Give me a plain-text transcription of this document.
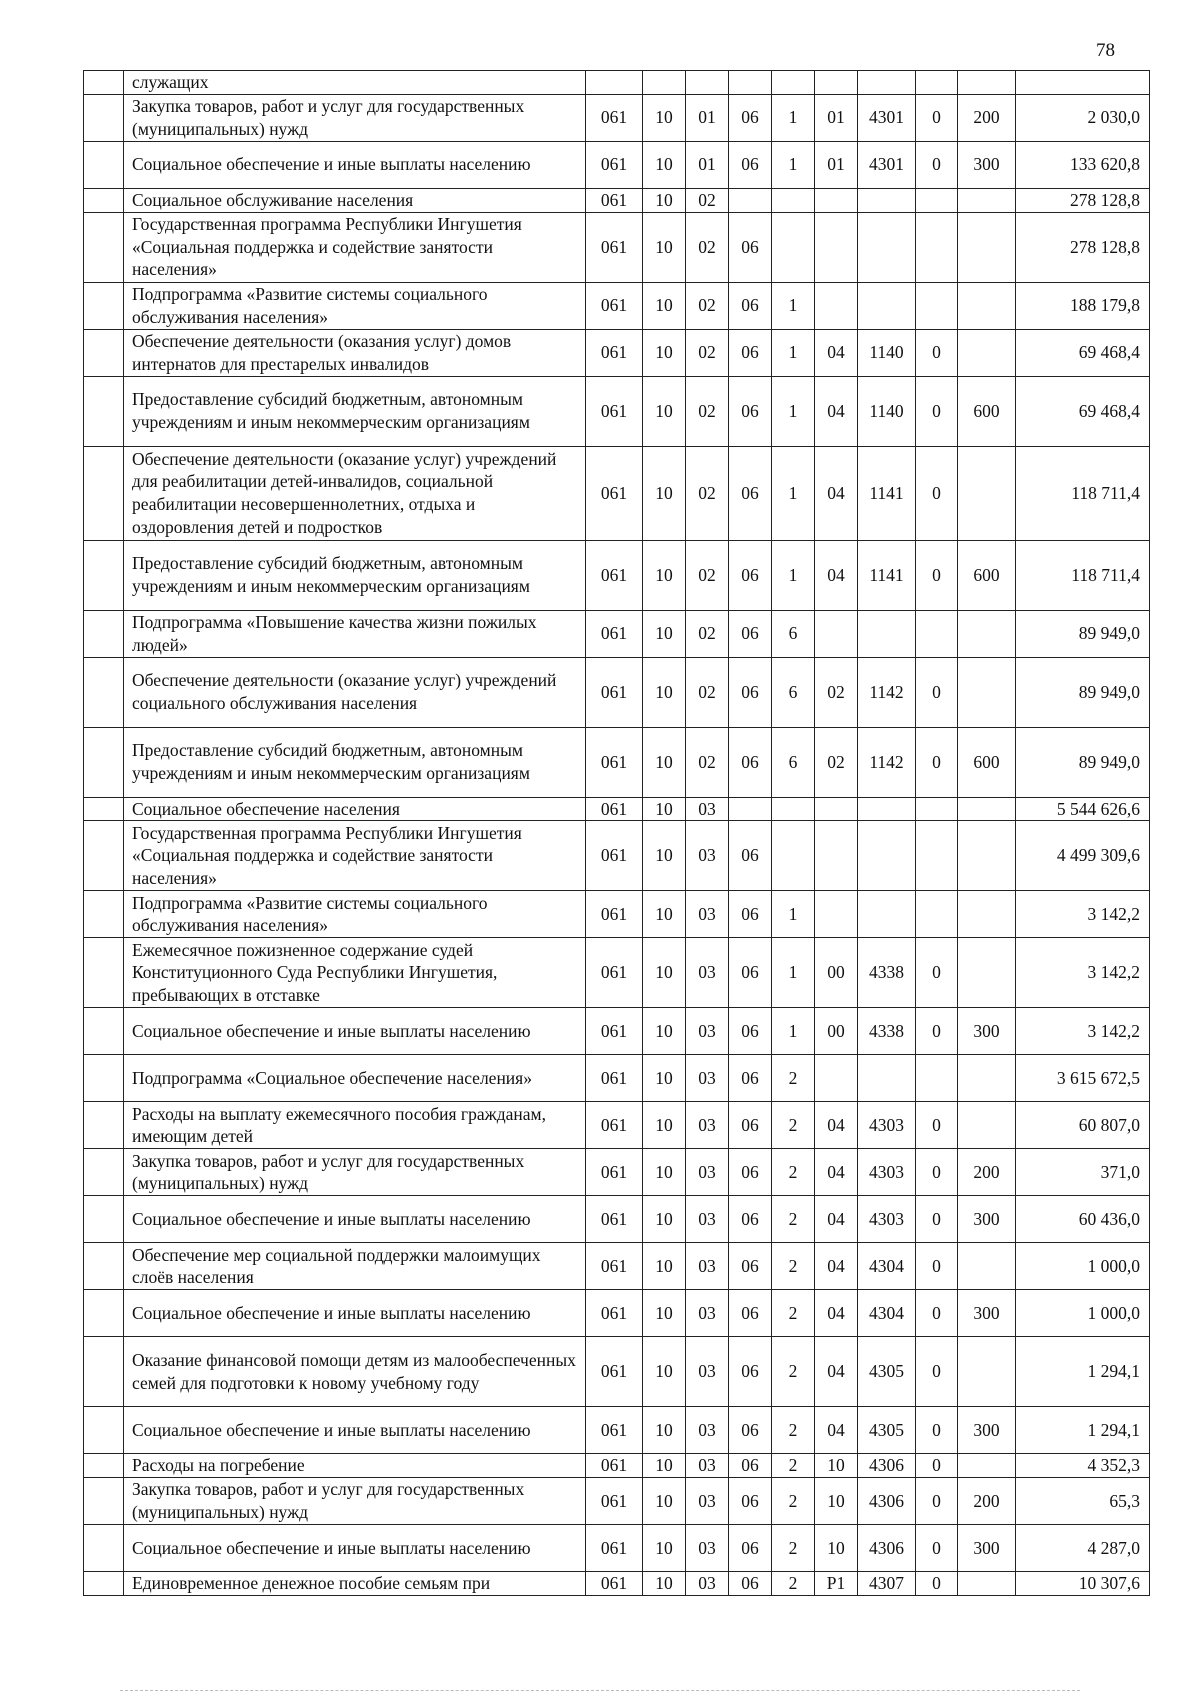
78
	служащих										
	Закупка товаров, работ и услуг для государственных (муниципальных) нужд	061	10	01	06	1	01	4301	0	200	2 030,0
	Социальное обеспечение и иные выплаты населению	061	10	01	06	1	01	4301	0	300	133 620,8
	Социальное обслуживание населения	061	10	02							278 128,8
	Государственная программа Республики Ингушетия «Социальная поддержка и содействие занятости населения»	061	10	02	06						278 128,8
	Подпрограмма «Развитие системы социального обслуживания населения»	061	10	02	06	1					188 179,8
	Обеспечение деятельности (оказания услуг) домов интернатов для престарелых инвалидов	061	10	02	06	1	04	1140	0		69 468,4
	Предоставление субсидий бюджетным, автономным учреждениям и иным некоммерческим организациям	061	10	02	06	1	04	1140	0	600	69 468,4
	Обеспечение деятельности (оказание услуг) учреждений для реабилитации детей-инвалидов, социальной реабилитации несовершеннолетних, отдыха и оздоровления детей и подростков	061	10	02	06	1	04	1141	0		118 711,4
	Предоставление субсидий бюджетным, автономным учреждениям и иным некоммерческим организациям	061	10	02	06	1	04	1141	0	600	118 711,4
	Подпрограмма «Повышение качества жизни пожилых людей»	061	10	02	06	6					89 949,0
	Обеспечение деятельности (оказание услуг) учреждений социального обслуживания населения	061	10	02	06	6	02	1142	0		89 949,0
	Предоставление субсидий бюджетным, автономным учреждениям и иным некоммерческим организациям	061	10	02	06	6	02	1142	0	600	89 949,0
	Социальное обеспечение населения	061	10	03							5 544 626,6
	Государственная программа Республики Ингушетия «Социальная поддержка и содействие занятости населения»	061	10	03	06						4 499 309,6
	Подпрограмма «Развитие системы социального обслуживания населения»	061	10	03	06	1					3 142,2
	Ежемесячное пожизненное содержание судей Конституционного Суда Республики Ингушетия, пребывающих в отставке	061	10	03	06	1	00	4338	0		3 142,2
	Социальное обеспечение и иные выплаты населению	061	10	03	06	1	00	4338	0	300	3 142,2
	Подпрограмма «Социальное обеспечение населения»	061	10	03	06	2					3 615 672,5
	Расходы на выплату ежемесячного пособия гражданам, имеющим детей	061	10	03	06	2	04	4303	0		60 807,0
	Закупка товаров, работ и услуг для государственных (муниципальных) нужд	061	10	03	06	2	04	4303	0	200	371,0
	Социальное обеспечение и иные выплаты населению	061	10	03	06	2	04	4303	0	300	60 436,0
	Обеспечение мер социальной поддержки малоимущих слоёв населения	061	10	03	06	2	04	4304	0		1 000,0
	Социальное обеспечение и иные выплаты населению	061	10	03	06	2	04	4304	0	300	1 000,0
	Оказание финансовой помощи детям из малообеспеченных семей для подготовки к новому учебному году	061	10	03	06	2	04	4305	0		1 294,1
	Социальное обеспечение и иные выплаты населению	061	10	03	06	2	04	4305	0	300	1 294,1
	Расходы на погребение	061	10	03	06	2	10	4306	0		4 352,3
	Закупка товаров, работ и услуг для государственных (муниципальных) нужд	061	10	03	06	2	10	4306	0	200	65,3
	Социальное обеспечение и иные выплаты населению	061	10	03	06	2	10	4306	0	300	4 287,0
	Единовременное денежное пособие семьям при	061	10	03	06	2	P1	4307	0		10 307,6
